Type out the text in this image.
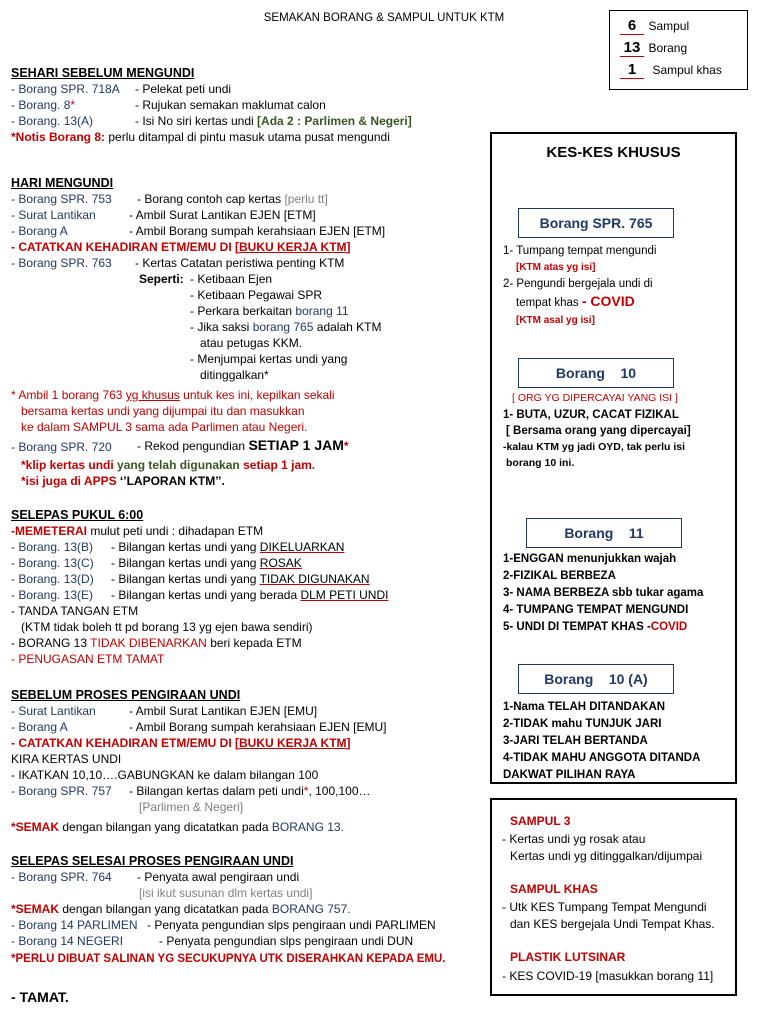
SEMAKAN BORANG & SAMPUL UNTUK KTM	6 Sampul
13 Borang
1 Sampul khas
SEHARI SEBELUM MENGUNDI
- Borang SPR. 718A - Pelekat peti undi
- Borang. 8*	- Rujukan semakan maklumat calon
- Borang. 13(A)	- Isi No siri kertas undi [Ada 2 : Parlimen & Negeri]
*Notis Borang 8: perlu ditampal di pintu masuk utama pusat mengundi
HARI MENGUNDI
- Borang SPR. 753 - Borang contoh cap kertas [perlu tt]
- Surat Lantikan	- Ambil Surat Lantikan EJEN [ETM]
- Borang A	- Ambil Borang sumpah kerahsiaan EJEN [ETM]
- CATATKAN KEHADIRAN ETM/EMU DI [BUKU KERJA KTM]
- Borang SPR. 763 - Kertas Catatan peristiwa penting KTM
Seperti: - Ketibaan Ejen
- Ketibaan Pegawai SPR
- Perkara berkaitan borang 11
- Jika saksi borang 765 adalah KTM
atau petugas KKM.
- Menjumpai kertas undi yang
ditinggalkan*
* Ambil 1 borang 763 yg khusus untuk kes ini, kepilkan sekali
bersama kertas undi yang dijumpai itu dan masukkan
ke dalam SAMPUL 3 sama ada Parlimen atau Negeri.
- Borang SPR. 720 - Rekod pengundian SETIAP 1 JAM*
*klip kertas undi yang telah digunakan setiap 1 jam.
*isi juga di APPS ‘’LAPORAN KTM’’.
SELEPAS PUKUL 6:00
-MEMETERAI mulut peti undi : dihadapan ETM
- Borang. 13(B) - Bilangan kertas undi yang DIKELUARKAN
- Borang. 13(C) - Bilangan kertas undi yang ROSAK
- Borang. 13(D) - Bilangan kertas undi yang TIDAK DIGUNAKAN
- Borang. 13(E) - Bilangan kertas undi yang berada DLM PETI UNDI
- TANDA TANGAN ETM
(KTM tidak boleh tt pd borang 13 yg ejen bawa sendiri)
- BORANG 13 TIDAK DIBENARKAN beri kepada ETM
- PENUGASAN ETM TAMAT
SEBELUM PROSES PENGIRAAN UNDI
- Surat Lantikan	- Ambil Surat Lantikan EJEN [EMU]
- Borang A	- Ambil Borang sumpah kerahsiaan EJEN [EMU]
- CATATKAN KEHADIRAN ETM/EMU DI [BUKU KERJA KTM]
KIRA KERTAS UNDI
- IKATKAN 10,10….GABUNGKAN ke dalam bilangan 100
- Borang SPR. 757 - Bilangan kertas dalam peti undi*, 100,100…
[Parlimen & Negeri]
*SEMAK dengan bilangan yang dicatatkan pada BORANG 13.
SELEPAS SELESAI PROSES PENGIRAAN UNDI
- Borang SPR. 764 - Penyata awal pengiraan undi
[isi ikut susunan dlm kertas undi]
*SEMAK dengan bilangan yang dicatatkan pada BORANG 757.
- Borang 14 PARLIMEN - Penyata pengundian slps pengiraan undi PARLIMEN
- Borang 14 NEGERI	- Penyata pengundian slps pengiraan undi DUN
*PERLU DIBUAT SALINAN YG SECUKUPNYA UTK DISERAHKAN KEPADA EMU.
- TAMAT.
KES-KES KHUSUS
Borang SPR. 765
1- Tumpang tempat mengundi
[KTM atas yg isi]
2- Pengundi bergejala undi di
tempat khas - COVID
[KTM asal yg isi]
Borang    10
[ ORG YG DIPERCAYAI YANG ISI ]
1- BUTA, UZUR, CACAT FIZIKAL
[ Bersama orang yang dipercayai]
-kalau KTM yg jadi OYD, tak perlu isi
borang 10 ini.
Borang    11
1-ENGGAN menunjukkan wajah
2-FIZIKAL BERBEZA
3- NAMA BERBEZA sbb tukar agama
4- TUMPANG TEMPAT MENGUNDI
5- UNDI DI TEMPAT KHAS -COVID
Borang    10 (A)
1-Nama TELAH DITANDAKAN
2-TIDAK mahu TUNJUK JARI
3-JARI TELAH BERTANDA
4-TIDAK MAHU ANGGOTA DITANDA
DAKWAT PILIHAN RAYA
SAMPUL 3
- Kertas undi yg rosak atau
Kertas undi yg ditinggalkan/dijumpai
SAMPUL KHAS
- Utk KES Tumpang Tempat Mengundi
dan KES bergejala Undi Tempat Khas.
PLASTIK LUTSINAR
- KES COVID-19 [masukkan borang 11]
